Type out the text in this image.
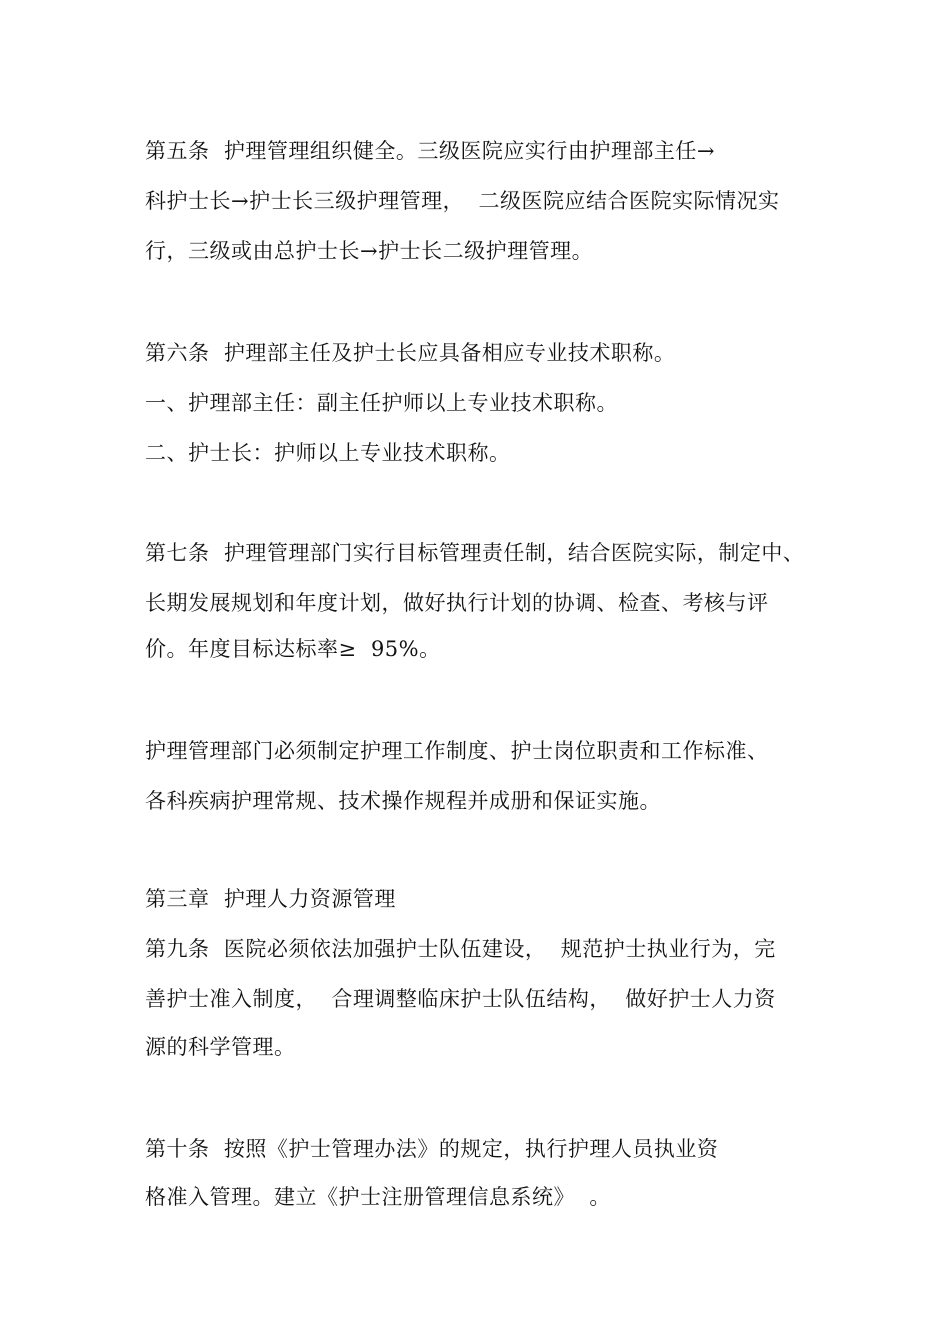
第五条  护理管理组织健全。三级医院应实行由护理部主任→

科护士长→护士长三级护理管理，  二级医院应结合医院实际情况实

行，三级或由总护士长→护士长二级护理管理。

第六条  护理部主任及护士长应具备相应专业技术职称。

一、护理部主任：副主任护师以上专业技术职称。

二、护士长：护师以上专业技术职称。

第七条  护理管理部门实行目标管理责任制，结合医院实际，制定中、

长期发展规划和年度计划，做好执行计划的协调、检查、考核与评

价。年度目标达标率≥  95%。

护理管理部门必须制定护理工作制度、护士岗位职责和工作标准、

各科疾病护理常规、技术操作规程并成册和保证实施。

第三章  护理人力资源管理

第九条  医院必须依法加强护士队伍建设，  规范护士执业行为，完

善护士准入制度，  合理调整临床护士队伍结构，  做好护士人力资

源的科学管理。

第十条  按照《护士管理办法》的规定，执行护理人员执业资

格准入管理。建立《护士注册管理信息系统》  。
